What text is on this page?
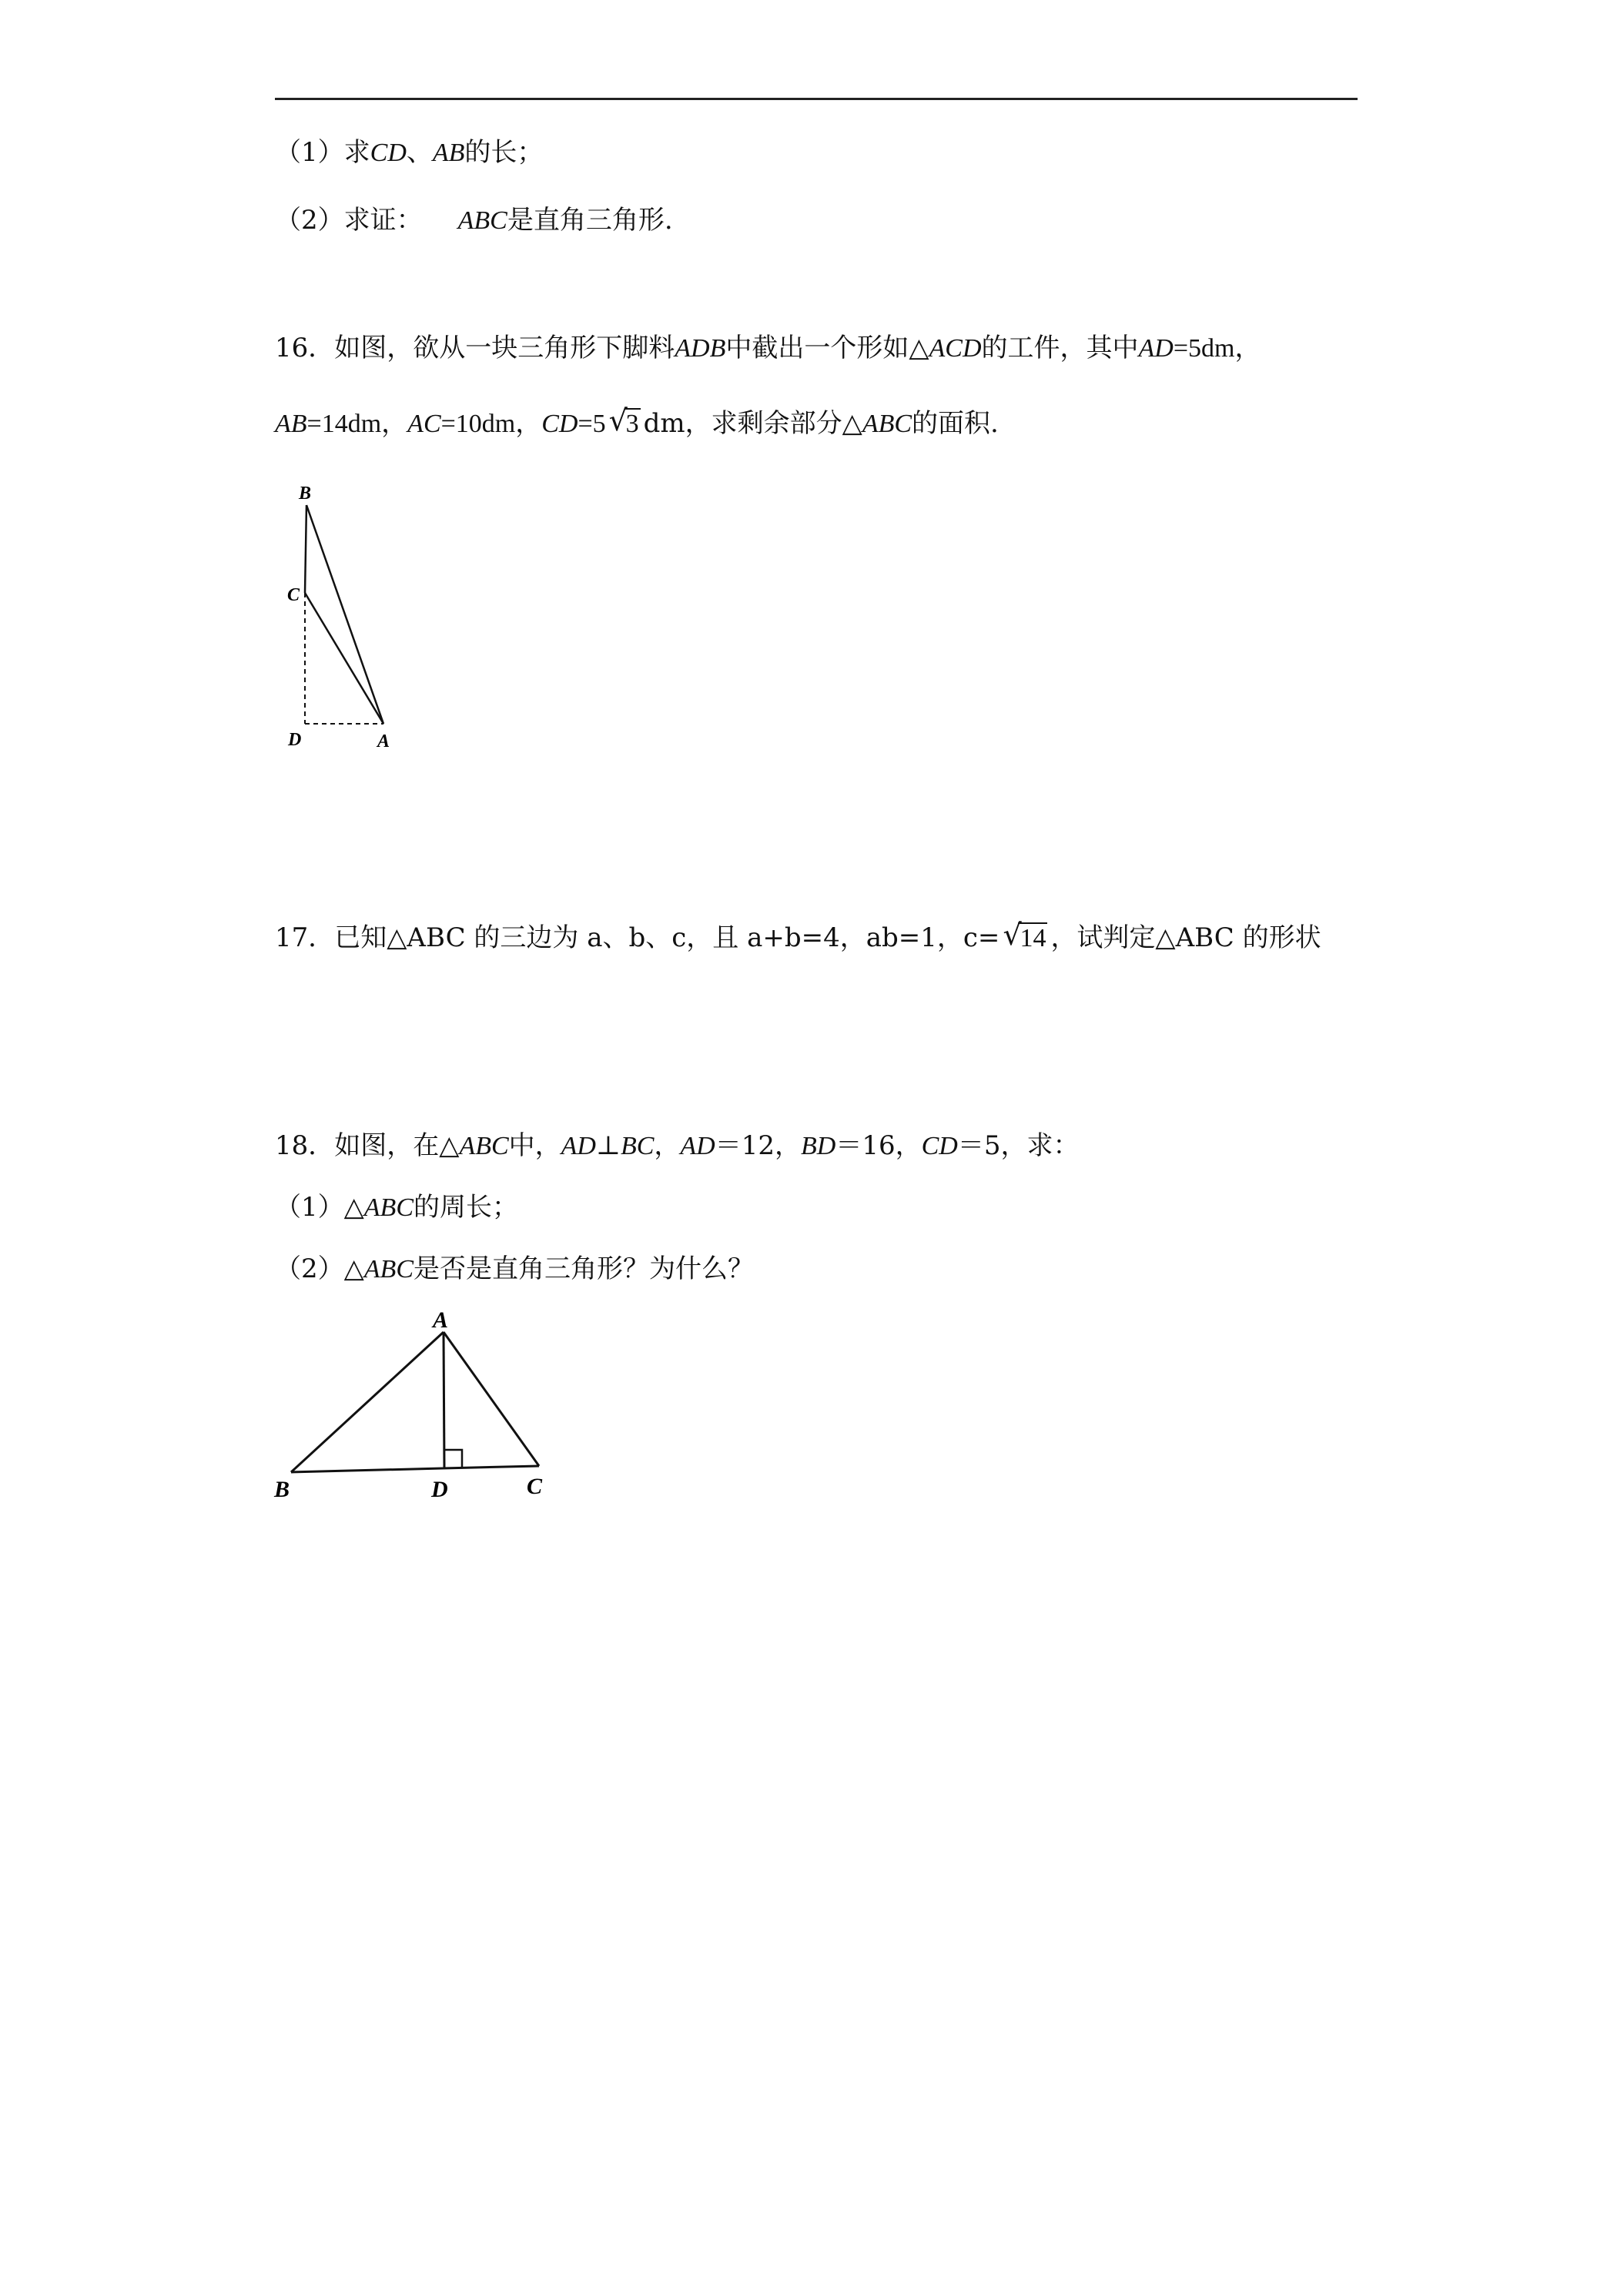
（1）求CD、AB的长；
（2）求证： ABC是直角三角形.
16．如图，欲从一块三角形下脚料ADB中截出一个形如△ACD的工件，其中AD=5dm，
AB=14dm，AC=10dm，CD=5 √
3 dm，求剩余部分△ABC的面积.
B
C
D	A
17．已知△ABC 的三边为 a、b、c，且 a+b=4，ab=1，c= √
14 ，试判定△ABC 的形状
18．如图，在△ABC中，AD⊥BC，AD＝12，BD＝16，CD＝5，求：
（1）△ABC的周长；
（2）△ABC是否是直角三角形？为什么？
A
B	D	C
